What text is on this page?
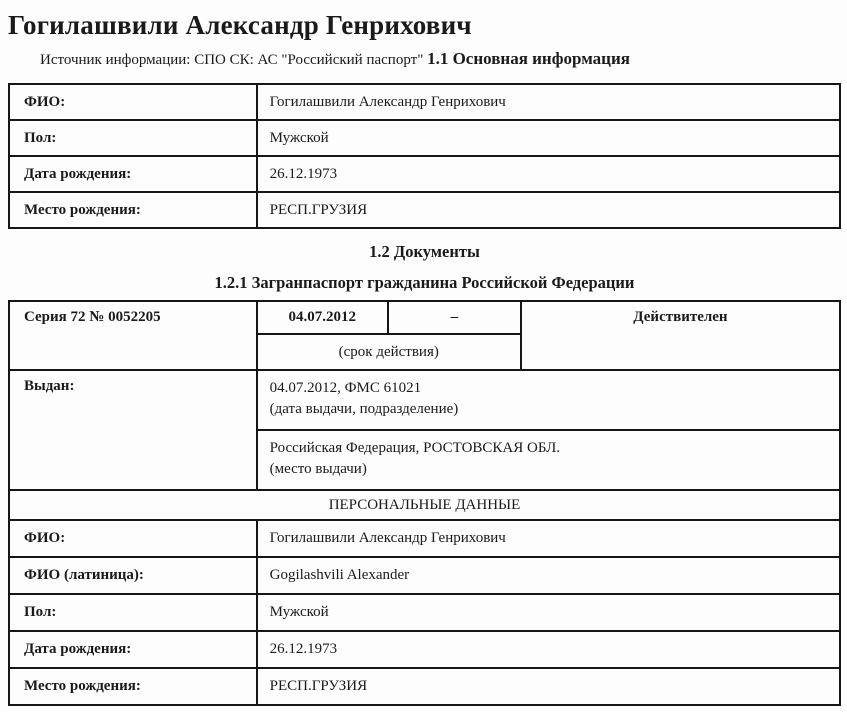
Гогилашвили Александр Генрихович
Источник информации: СПО СК: АС "Российский паспорт" 1.1 Основная информация
ФИО:	Гогилашвили Александр Генрихович
Пол:	Мужской
Дата рождения:	26.12.1973
Место рождения:	РЕСП.ГРУЗИЯ
1.2 Документы
1.2.1 Загранпаспорт гражданина Российской Федерации
Серия 72 № 0052205	04.07.2012	–	Действителен
	(срок действия)		
Выдан:	04.07.2012, ФМС 61021
(дата выдачи, подразделение)		

	Российская Федерация, РОСТОВСКАЯ ОБЛ.
(место выдачи)		

ПЕРСОНАЛЬНЫЕ ДАННЫЕ			
ФИО:	Гогилашвили Александр Генрихович		
ФИО (латиница):	Gogilashvili Alexander		
Пол:	Мужской		
Дата рождения:	26.12.1973		
Место рождения:	РЕСП.ГРУЗИЯ		
